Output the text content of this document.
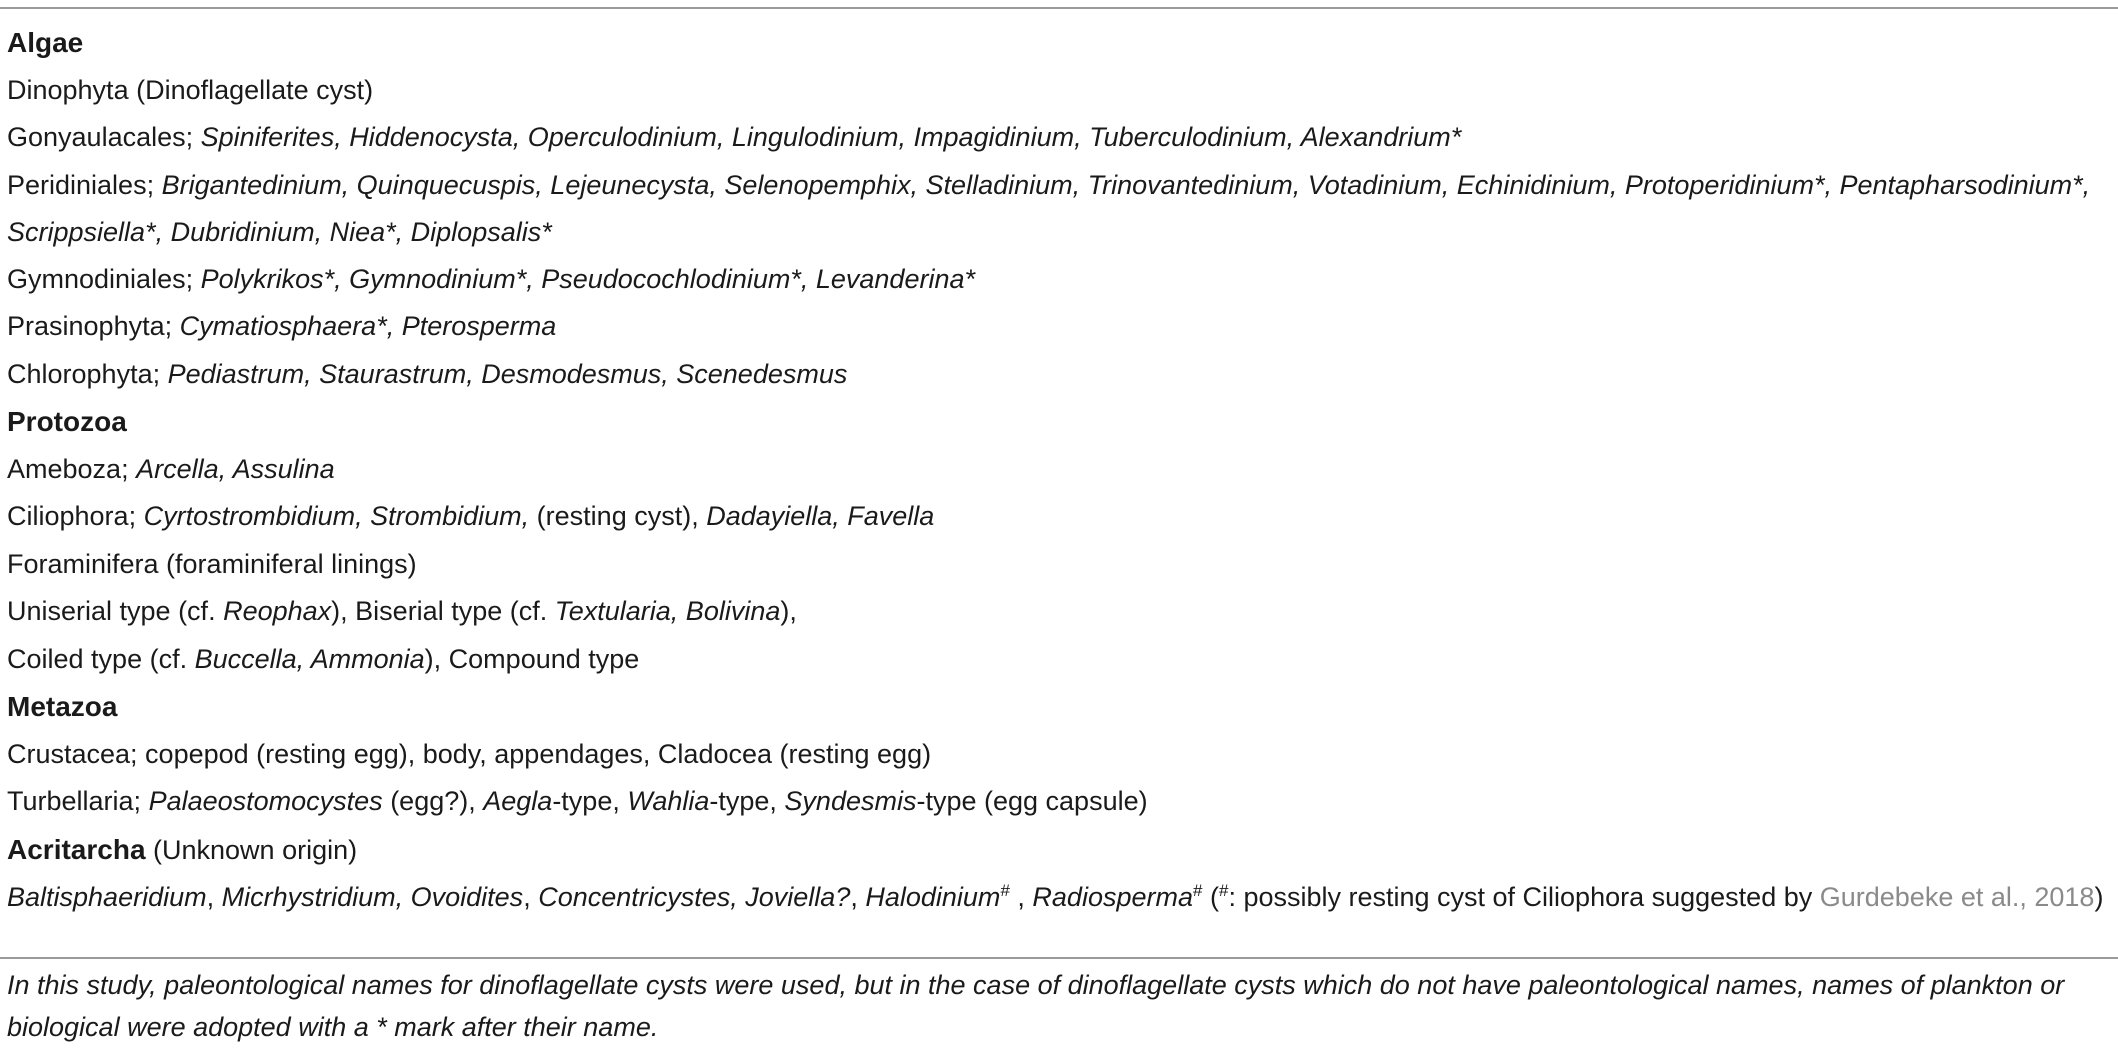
Algae
Dinophyta (Dinoflagellate cyst)
Gonyaulacales; Spiniferites, Hiddenocysta, Operculodinium, Lingulodinium, Impagidinium, Tuberculodinium, Alexandrium*
Peridiniales; Brigantedinium, Quinquecuspis, Lejeunecysta, Selenopemphix, Stelladinium, Trinovantedinium, Votadinium, Echinidinium, Protoperidinium*, Pentapharsodinium*, Scrippsiella*, Dubridinium, Niea*, Diplopsalis*
Gymnodiniales; Polykrikos*, Gymnodinium*, Pseudocochlodinium*, Levanderina*
Prasinophyta; Cymatiosphaera*, Pterosperma
Chlorophyta; Pediastrum, Staurastrum, Desmodesmus, Scenedesmus
Protozoa
Ameboza; Arcella, Assulina
Ciliophora; Cyrtostrombidium, Strombidium, (resting cyst), Dadayiella, Favella
Foraminifera (foraminiferal linings)
Uniserial type (cf. Reophax), Biserial type (cf. Textularia, Bolivina),
Coiled type (cf. Buccella, Ammonia), Compound type
Metazoa
Crustacea; copepod (resting egg), body, appendages, Cladocea (resting egg)
Turbellaria; Palaeostomocystes (egg?), Aegla-type, Wahlia-type, Syndesmis-type (egg capsule)
Acritarcha (Unknown origin)
Baltisphaeridium, Micrhystridium, Ovoidites, Concentricystes, Joviella?, Halodinium# , Radiosperma# (#: possibly resting cyst of Ciliophora suggested by Gurdebeke et al., 2018)
In this study, paleontological names for dinoflagellate cysts were used, but in the case of dinoflagellate cysts which do not have paleontological names, names of plankton or biological were adopted with a * mark after their name.
